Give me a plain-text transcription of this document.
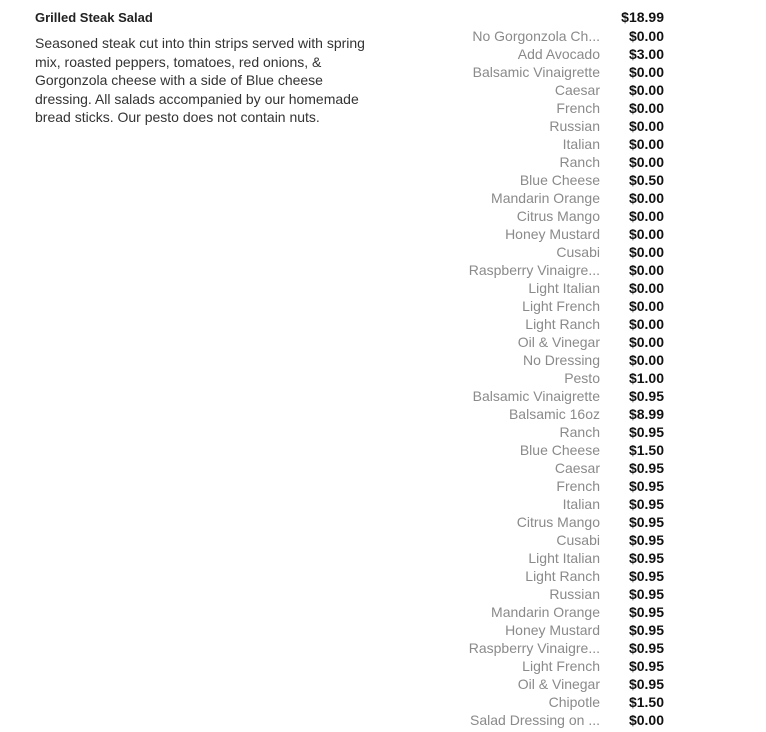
Grilled Steak Salad
Seasoned steak cut into thin strips served with spring mix, roasted peppers, tomatoes, red onions, & Gorgonzola cheese with a side of Blue cheese dressing. All salads accompanied by our homemade bread sticks. Our pesto does not contain nuts.
$18.99
No Gorgonzola Ch...	$0.00
Add Avocado	$3.00
Balsamic Vinaigrette	$0.00
Caesar	$0.00
French	$0.00
Russian	$0.00
Italian	$0.00
Ranch	$0.00
Blue Cheese	$0.50
Mandarin Orange	$0.00
Citrus Mango	$0.00
Honey Mustard	$0.00
Cusabi	$0.00
Raspberry Vinaigre...	$0.00
Light Italian	$0.00
Light French	$0.00
Light Ranch	$0.00
Oil & Vinegar	$0.00
No Dressing	$0.00
Pesto	$1.00
Balsamic Vinaigrette	$0.95
Balsamic 16oz	$8.99
Ranch	$0.95
Blue Cheese	$1.50
Caesar	$0.95
French	$0.95
Italian	$0.95
Citrus Mango	$0.95
Cusabi	$0.95
Light Italian	$0.95
Light Ranch	$0.95
Russian	$0.95
Mandarin Orange	$0.95
Honey Mustard	$0.95
Raspberry Vinaigre...	$0.95
Light French	$0.95
Oil & Vinegar	$0.95
Chipotle	$1.50
Salad Dressing on ...	$0.00
